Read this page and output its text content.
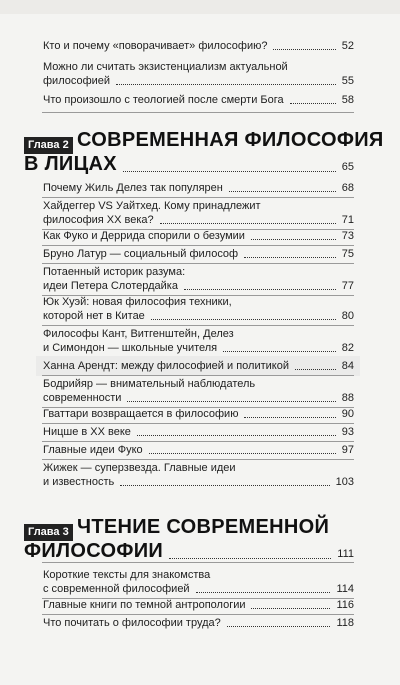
Кто и почему «поворачивает» философию?	52
Можно ли считать экзистенциализм актуальной
философией	55
Что произошло с теологией после смерти Бога	58
Глава 2 СОВРЕМЕННАЯ ФИЛОСОФИЯ
В ЛИЦАХ	65
Почему Жиль Делез так популярен	68
Хайдеггер VS Уайтхед. Кому принадлежит
философия XX века?	71
Как Фуко и Деррида спорили о безумии	73
Бруно Латур — социальный философ	75
Потаенный историк разума:
идеи Петера Слотердайка	77
Юк Хуэй: новая философия техники,
которой нет в Китае	80
Философы Кант, Витгенштейн, Делез
и Симондон — школьные учителя	82
Ханна Арендт: между философией и политикой	84
Бодрийяр — внимательный наблюдатель
современности	88
Гваттари возвращается в философию	90
Ницше в XX веке	93
Главные идеи Фуко	97
Жижек — суперзвезда. Главные идеи
и известность	103
Глава 3 ЧТЕНИЕ СОВРЕМЕННОЙ
ФИЛОСОФИИ	111
Короткие тексты для знакомства
с современной философией	114
Главные книги по темной антропологии	116
Что почитать о философии труда?	118
